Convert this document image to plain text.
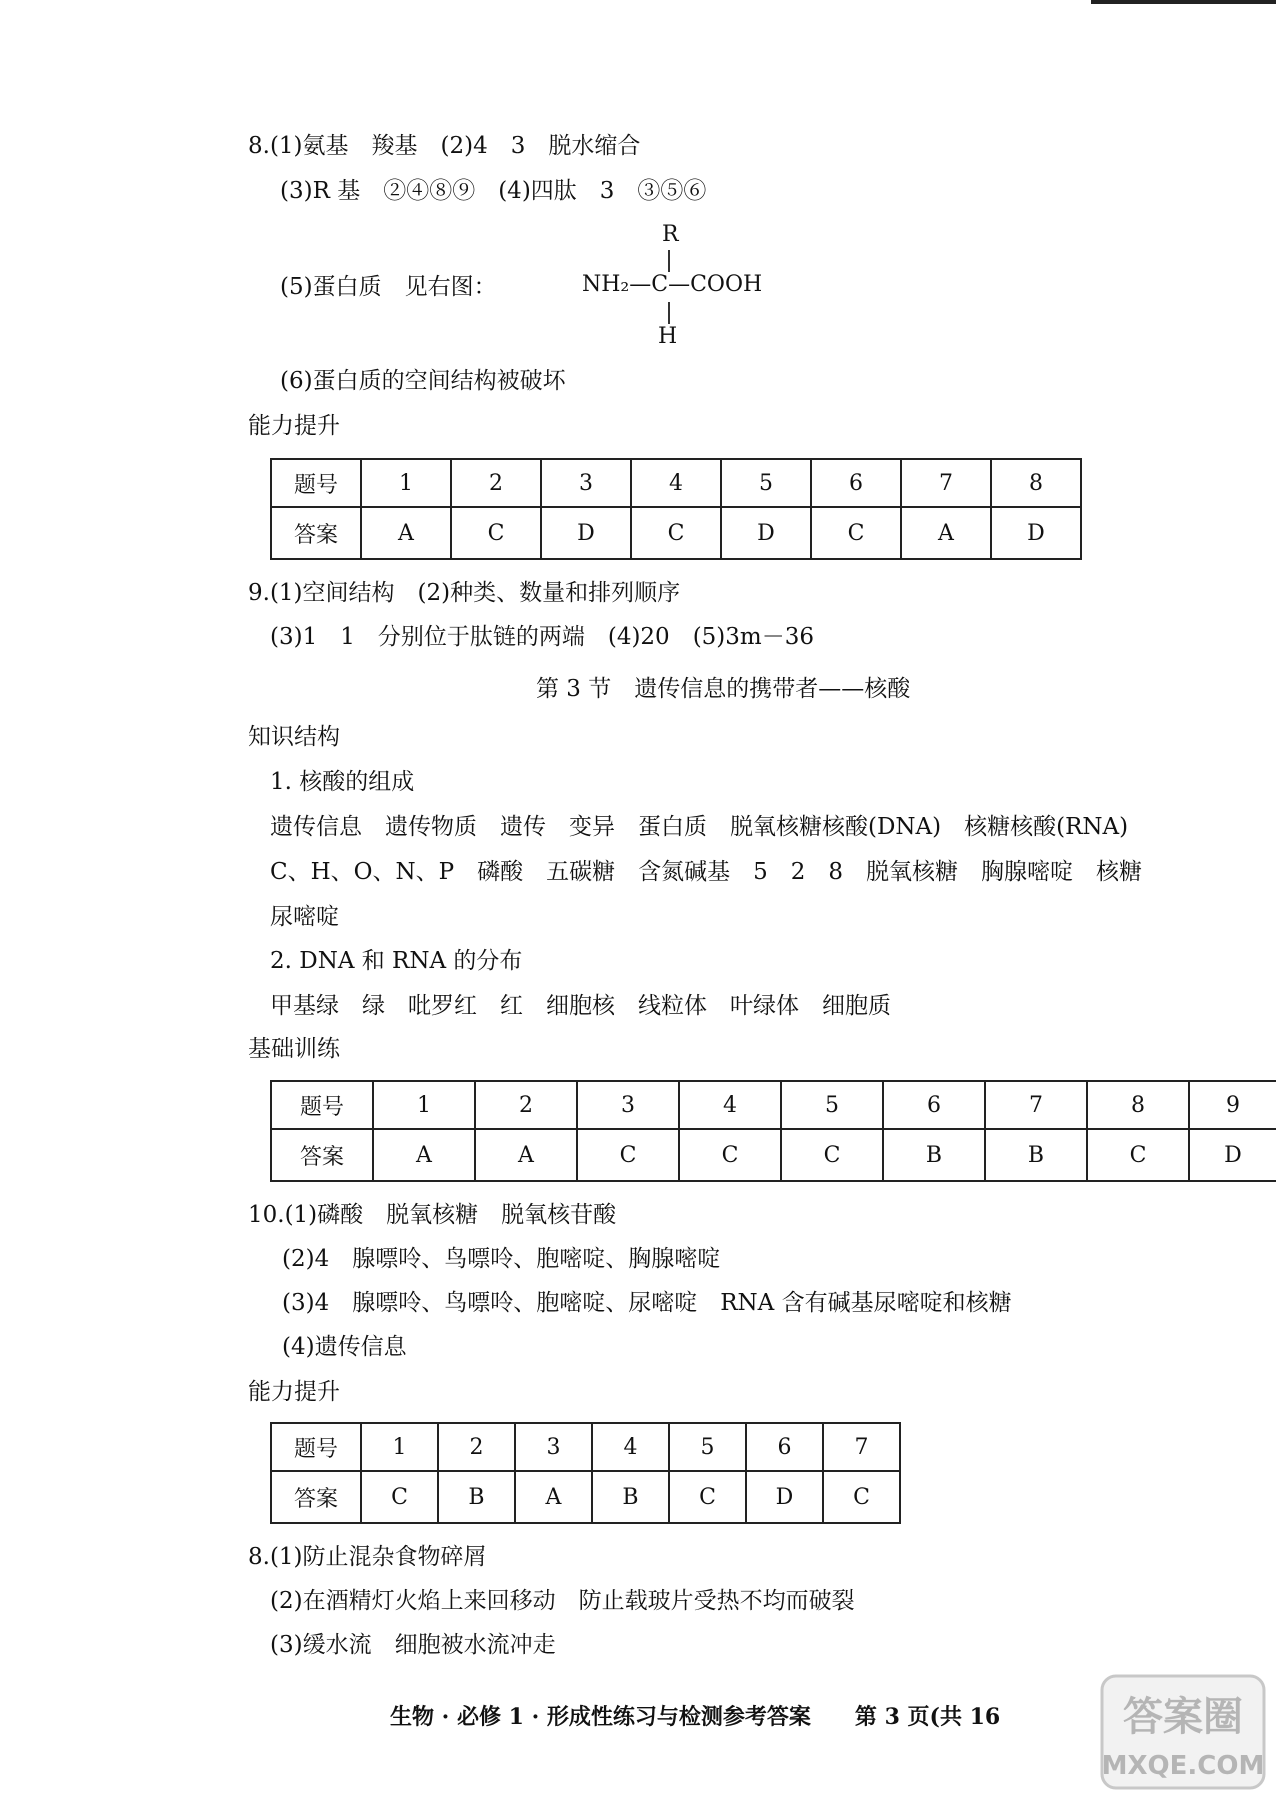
8.(1)氨基　羧基　(2)4　3　脱水缩合
(3)R 基　②④⑧⑨　(4)四肽　3　③⑤⑥
(5)蛋白质　见右图：
R
NH₂—C—COOH
H
(6)蛋白质的空间结构被破坏
能力提升
题号	1	2	3	4	5	6	7	8
答案	A	C	D	C	D	C	A	D
9.(1)空间结构　(2)种类、数量和排列顺序
(3)1　1　分别位于肽链的两端　(4)20　(5)3m－36
第 3 节　遗传信息的携带者——核酸
知识结构
1. 核酸的组成
遗传信息　遗传物质　遗传　变异　蛋白质　脱氧核糖核酸(DNA)　核糖核酸(RNA)
C、H、O、N、P　磷酸　五碳糖　含氮碱基　5　2　8　脱氧核糖　胸腺嘧啶　核糖
尿嘧啶
2. DNA 和 RNA 的分布
甲基绿　绿　吡罗红　红　细胞核　线粒体　叶绿体　细胞质
基础训练
题号	1	2	3	4	5	6	7	8	9
答案	A	A	C	C	C	B	B	C	D
10.(1)磷酸　脱氧核糖　脱氧核苷酸
(2)4　腺嘌呤、鸟嘌呤、胞嘧啶、胸腺嘧啶
(3)4　腺嘌呤、鸟嘌呤、胞嘧啶、尿嘧啶　RNA 含有碱基尿嘧啶和核糖
(4)遗传信息
能力提升
题号	1	2	3	4	5	6	7
答案	C	B	A	B	C	D	C
8.(1)防止混杂食物碎屑
(2)在酒精灯火焰上来回移动　防止载玻片受热不均而破裂
(3)缓水流　细胞被水流冲走
生物 · 必修 1 · 形成性练习与检测参考答案　　第 3 页(共 16	答案圈
MXQE.COM
